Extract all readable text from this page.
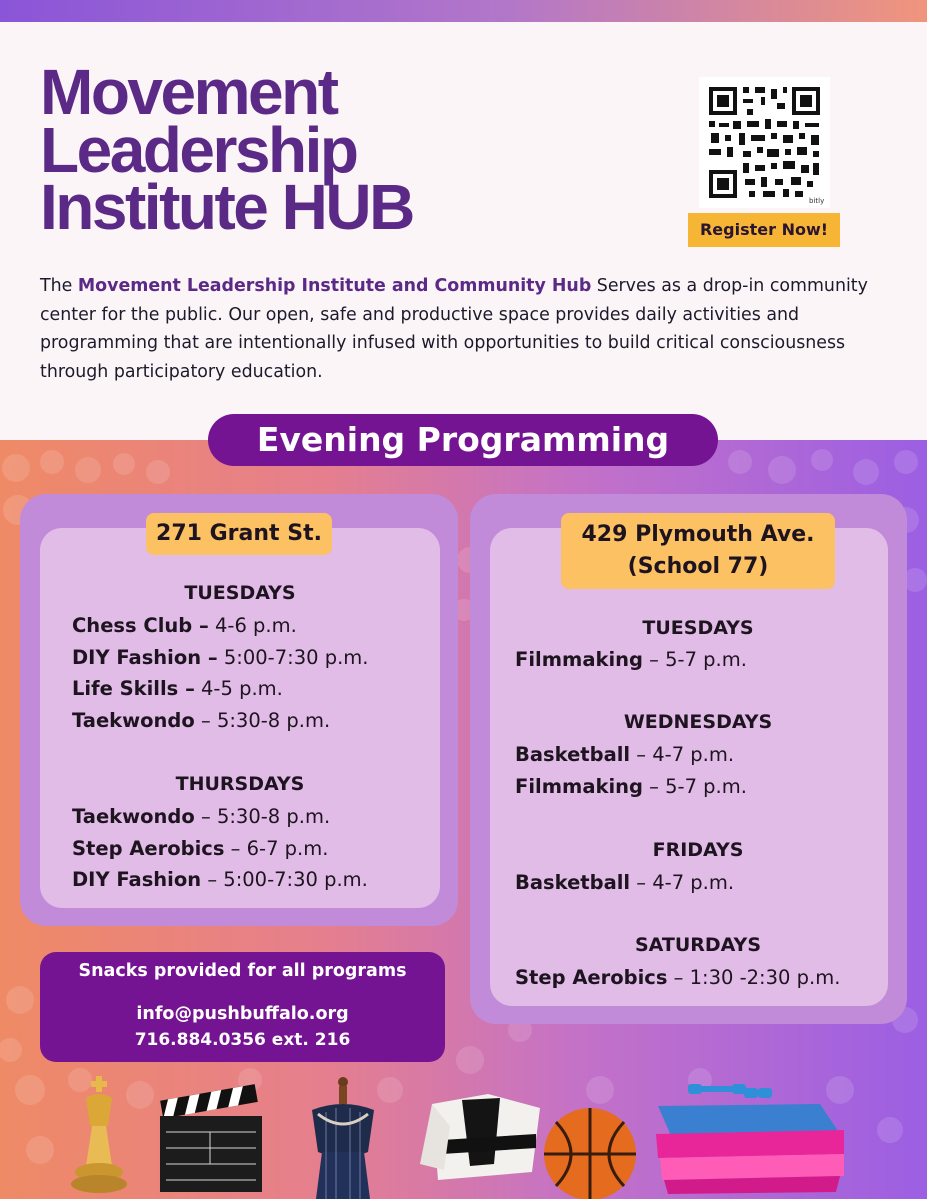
Movement
Leadership
Institute HUB	bitly
Register Now!

The Movement Leadership Institute and Community Hub Serves as a drop-in community center for the public. Our open, safe and productive space provides daily activities and programming that are intentionally infused with opportunities to build critical consciousness through participatory education.

Evening Programming
271 Grant St.
TUESDAYS
Chess Club – 4-6 p.m.
DIY Fashion – 5:00-7:30 p.m.
Life Skills – 4-5 p.m.
Taekwondo – 5:30-8 p.m.
THURSDAYS
Taekwondo – 5:30-8 p.m.
Step Aerobics – 6-7 p.m.
DIY Fashion – 5:00-7:30 p.m.
429 Plymouth Ave.
(School 77)
TUESDAYS
Filmmaking – 5-7 p.m.
WEDNESDAYS
Basketball – 4-7 p.m.
Filmmaking – 5-7 p.m.
FRIDAYS
Basketball – 4-7 p.m.
SATURDAYS
Step Aerobics – 1:30 -2:30 p.m.
Snacks provided for all programs
info@pushbuffalo.org
716.884.0356 ext. 216
